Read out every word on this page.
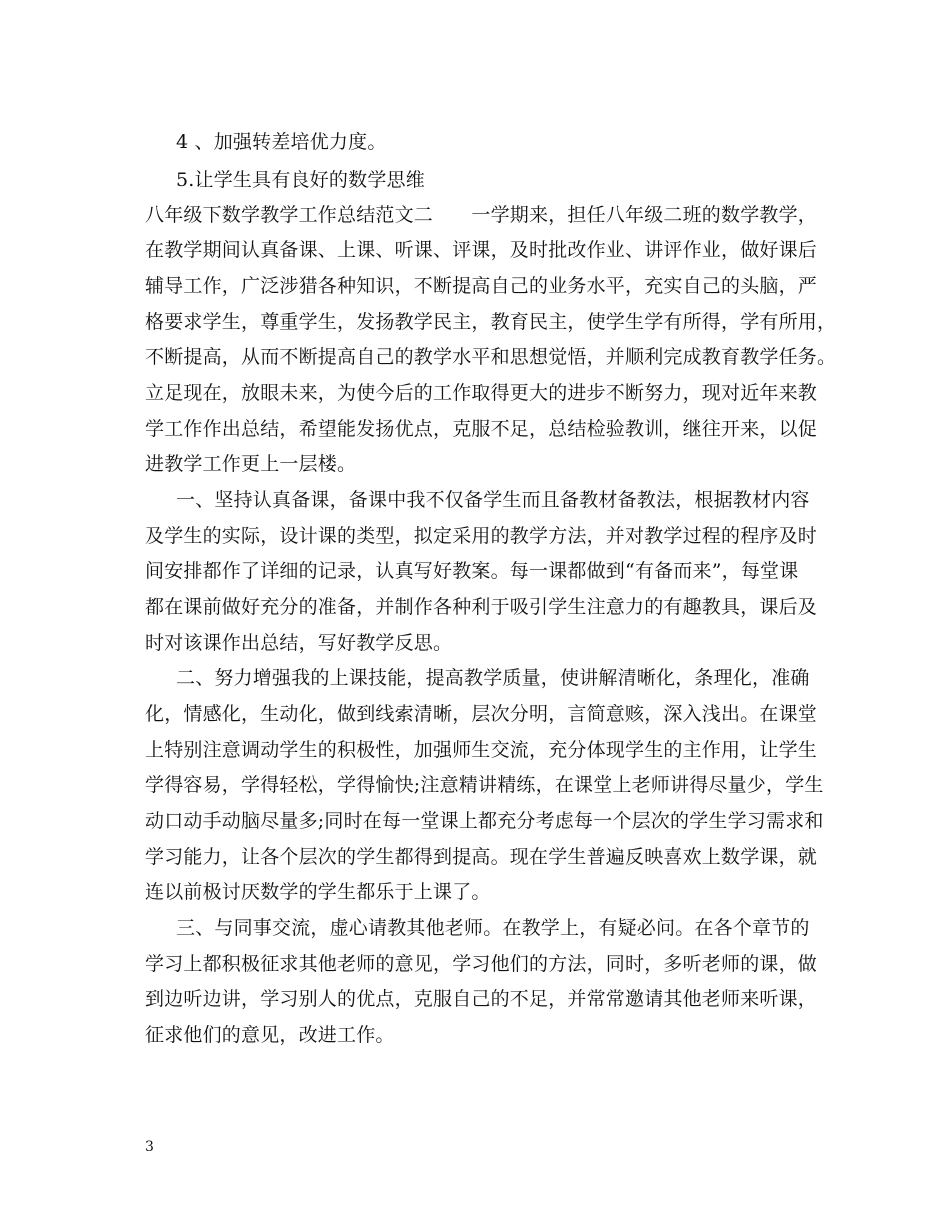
4 、加强转差培优力度。
5.让学生具有良好的数学思维
八年级下数学教学工作总结范文二　　一学期来，担任八年级二班的数学教学，
在教学期间认真备课、上课、听课、评课，及时批改作业、讲评作业，做好课后
辅导工作，广泛涉猎各种知识，不断提高自己的业务水平，充实自己的头脑，严
格要求学生，尊重学生，发扬教学民主，教育民主，使学生学有所得，学有所用，
不断提高，从而不断提高自己的教学水平和思想觉悟，并顺利完成教育教学任务。
立足现在，放眼未来，为使今后的工作取得更大的进步不断努力，现对近年来教
学工作作出总结，希望能发扬优点，克服不足，总结检验教训，继往开来，以促
进教学工作更上一层楼。
一、坚持认真备课，备课中我不仅备学生而且备教材备教法，根据教材内容
及学生的实际，设计课的类型，拟定采用的教学方法，并对教学过程的程序及时
间安排都作了详细的记录，认真写好教案。每一课都做到“有备而来”，每堂课
都在课前做好充分的准备，并制作各种利于吸引学生注意力的有趣教具，课后及
时对该课作出总结，写好教学反思。
二、努力增强我的上课技能，提高教学质量，使讲解清晰化，条理化，准确
化，情感化，生动化，做到线索清晰，层次分明，言简意赅，深入浅出。在课堂
上特别注意调动学生的积极性，加强师生交流，充分体现学生的主作用，让学生
学得容易，学得轻松，学得愉快;注意精讲精练，在课堂上老师讲得尽量少，学生
动口动手动脑尽量多;同时在每一堂课上都充分考虑每一个层次的学生学习需求和
学习能力，让各个层次的学生都得到提高。现在学生普遍反映喜欢上数学课，就
连以前极讨厌数学的学生都乐于上课了。
三、与同事交流，虚心请教其他老师。在教学上，有疑必问。在各个章节的
学习上都积极征求其他老师的意见，学习他们的方法，同时，多听老师的课，做
到边听边讲，学习别人的优点，克服自己的不足，并常常邀请其他老师来听课，
征求他们的意见，改进工作。
3
